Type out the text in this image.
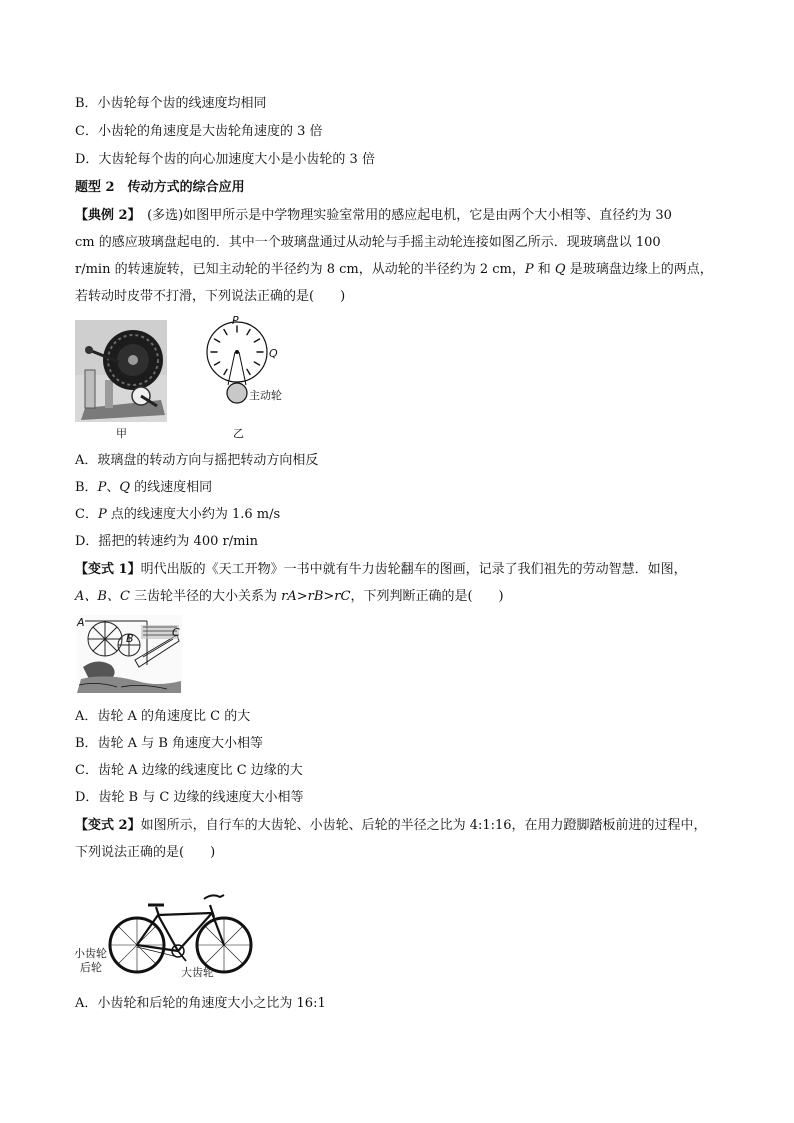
B．小齿轮每个齿的线速度均相同
C．小齿轮的角速度是大齿轮角速度的 3 倍
D．大齿轮每个齿的向心加速度大小是小齿轮的 3 倍
题型 2　传动方式的综合应用
【典例 2】　(多选)如图甲所示是中学物理实验室常用的感应起电机，它是由两个大小相等、直径约为 30
cm 的感应玻璃盘起电的．其中一个玻璃盘通过从动轮与手摇主动轮连接如图乙所示．现玻璃盘以 100
r/min 的转速旋转，已知主动轮的半径约为 8 cm，从动轮的半径约为 2 cm，P 和 Q 是玻璃盘边缘上的两点，
若转动时皮带不打滑，下列说法正确的是(　　)
甲
P
Q
主动轮
乙
A．玻璃盘的转动方向与摇把转动方向相反
B．P、Q 的线速度相同
C．P 点的线速度大小约为 1.6 m/s
D．摇把的转速约为 400 r/min
【变式 1】明代出版的《天工开物》一书中就有牛力齿轮翻车的图画，记录了我们祖先的劳动智慧．如图，
A、B、C 三齿轮半径的大小关系为 rA>rB>rC，下列判断正确的是(　　)
A
B	C
A．齿轮 A 的角速度比 C 的大
B．齿轮 A 与 B 角速度大小相等
C．齿轮 A 边缘的线速度比 C 边缘的大
D．齿轮 B 与 C 边缘的线速度大小相等
【变式 2】如图所示，自行车的大齿轮、小齿轮、后轮的半径之比为 4:1:16，在用力蹬脚踏板前进的过程中，
下列说法正确的是(　　)
小齿轮
后轮	大齿轮
A．小齿轮和后轮的角速度大小之比为 16:1
